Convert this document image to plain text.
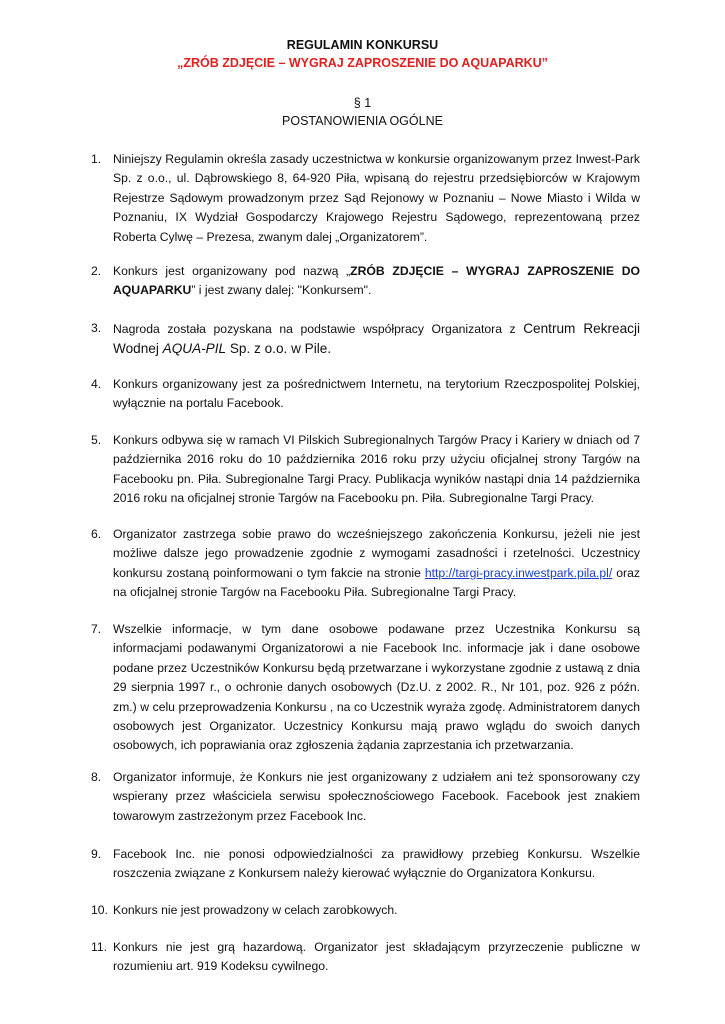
REGULAMIN KONKURSU
„ZRÓB ZDJĘCIE – WYGRAJ ZAPROSZENIE DO AQUAPARKU”
§ 1
POSTANOWIENIA OGÓLNE
1. Niniejszy Regulamin określa zasady uczestnictwa w konkursie organizowanym przez Inwest-Park Sp. z o.o., ul. Dąbrowskiego 8, 64-920 Piła, wpisaną do rejestru przedsiębiorców w Krajowym Rejestrze Sądowym prowadzonym przez Sąd Rejonowy w Poznaniu – Nowe Miasto i Wilda w Poznaniu, IX Wydział Gospodarczy Krajowego Rejestru Sądowego, reprezentowaną przez Roberta Cylwę – Prezesa, zwanym dalej „Organizatorem”.
2. Konkurs jest organizowany pod nazwą „ZRÓB ZDJĘCIE – WYGRAJ ZAPROSZENIE DO AQUAPARKU” i jest zwany dalej: "Konkursem".
3. Nagroda została pozyskana na podstawie współpracy Organizatora z Centrum Rekreacji Wodnej AQUA-PIL Sp. z o.o. w Pile.
4. Konkurs organizowany jest za pośrednictwem Internetu, na terytorium Rzeczpospolitej Polskiej, wyłącznie na portalu Facebook.
5. Konkurs odbywa się w ramach VI Pilskich Subregionalnych Targów Pracy i Kariery w dniach od 7 października 2016 roku do 10 października 2016 roku przy użyciu oficjalnej strony Targów na Facebooku pn. Piła. Subregionalne Targi Pracy. Publikacja wyników nastąpi dnia 14 października 2016 roku na oficjalnej stronie Targów na Facebooku pn. Piła. Subregionalne Targi Pracy.
6. Organizator zastrzega sobie prawo do wcześniejszego zakończenia Konkursu, jeżeli nie jest możliwe dalsze jego prowadzenie zgodnie z wymogami zasadności i rzetelności. Uczestnicy konkursu zostaną poinformowani o tym fakcie na stronie http://targi-pracy.inwestpark.pila.pl/ oraz na oficjalnej stronie Targów na Facebooku Piła. Subregionalne Targi Pracy.
7. Wszelkie informacje, w tym dane osobowe podawane przez Uczestnika Konkursu są informacjami podawanymi Organizatorowi a nie Facebook Inc. informacje jak i dane osobowe podane przez Uczestników Konkursu będą przetwarzane i wykorzystane zgodnie z ustawą z dnia 29 sierpnia 1997 r., o ochronie danych osobowych (Dz.U. z 2002. R., Nr 101, poz. 926 z późn. zm.) w celu przeprowadzenia Konkursu , na co Uczestnik wyraża zgodę. Administratorem danych osobowych jest Organizator. Uczestnicy Konkursu mają prawo wglądu do swoich danych osobowych, ich poprawiania oraz zgłoszenia żądania zaprzestania ich przetwarzania.
8. Organizator informuje, że Konkurs nie jest organizowany z udziałem ani też sponsorowany czy wspierany przez właściciela serwisu społecznościowego Facebook. Facebook jest znakiem towarowym zastrzeżonym przez Facebook Inc.
9. Facebook Inc. nie ponosi odpowiedzialności za prawidłowy przebieg Konkursu. Wszelkie roszczenia związane z Konkursem należy kierować wyłącznie do Organizatora Konkursu.
10. Konkurs nie jest prowadzony w celach zarobkowych.
11. Konkurs nie jest grą hazardową. Organizator jest składającym przyrzeczenie publiczne w rozumieniu art. 919 Kodeksu cywilnego.
